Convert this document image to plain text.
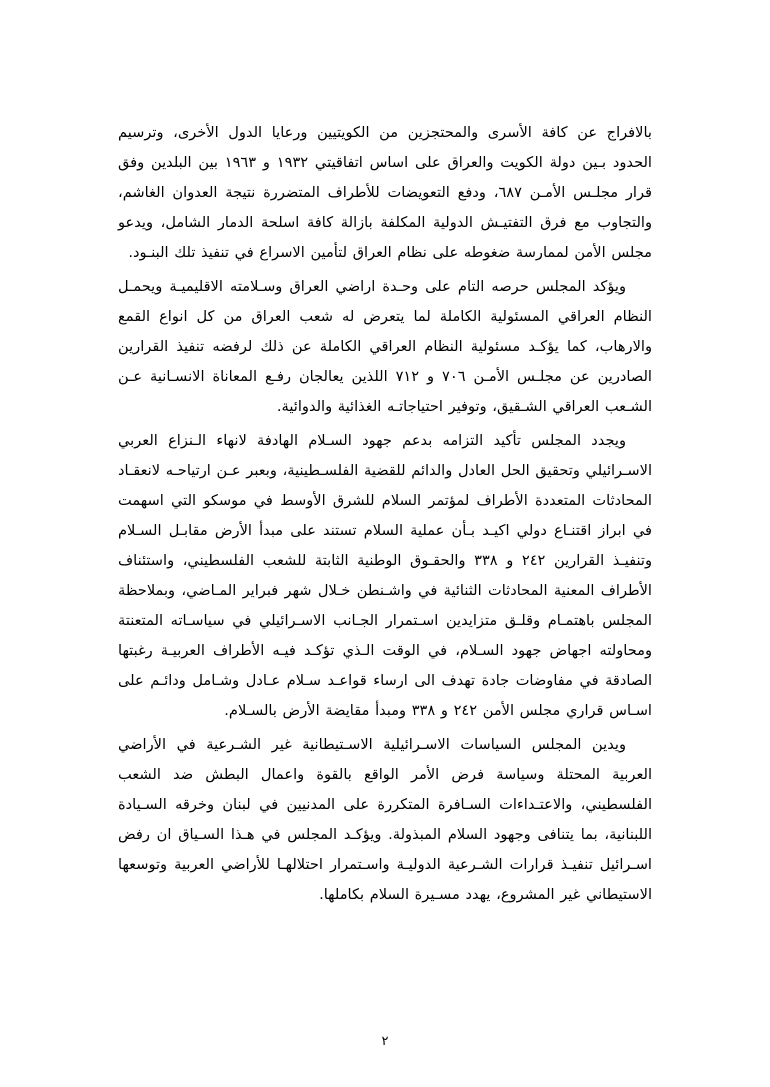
بالافراج عن كافة الأسرى والمحتجزين من الكويتيين ورعايا الدول الأخرى، وترسيم الحدود بـين دولة الكويت والعراق على اساس اتفاقيتي ١٩٣٢ و ١٩٦٣ بين البلدين وفق قرار مجلـس الأمـن ٦٨٧، ودفع التعويضات للأطراف المتضررة نتيجة العدوان الغاشم، والتجاوب مع فرق التفتيـش الدولية المكلفة بازالة كافة اسلحة الدمار الشامل، ويدعو مجلس الأمن لممارسة ضغوطه على نظام العراق لتأمين الاسراع في تنفيذ تلك البنـود.

ويؤكد المجلس حرصه التام على وحـدة اراضي العراق وسـلامته الاقليميـة ويحمـل النظام العراقي المسئولية الكاملة لما يتعرض له شعب العراق من كل انواع القمع والارهاب، كما يؤكـد مسئولية النظام العراقي الكاملة عن ذلك لرفضه تنفيذ القرارين الصادرين عن مجلـس الأمـن ٧٠٦ و ٧١٢ اللذين يعالجان رفـع المعاناة الانسـانية عـن الشـعب العراقي الشـقيق، وتوفير احتياجاتـه الغذائية والدوائية.

ويجدد المجلس تأكيد التزامه بدعم جهود السـلام الهادفة لانهاء الـنزاع العربي الاسـرائيلي وتحقيق الحل العادل والدائم للقضية الفلسـطينية، وبعبر عـن ارتياحـه لانعقـاد المحادثات المتعددة الأطراف لمؤتمر السلام للشرق الأوسط في موسكو التي اسهمت في ابراز اقتنـاع دولي اكيـد بـأن عملية السلام تستند على مبدأ الأرض مقابـل السـلام وتنفيـذ القرارين ٢٤٢ و ٣٣٨ والحقـوق الوطنية الثابتة للشعب الفلسطيني، واستئناف الأطراف المعنية المحادثات الثنائية في واشـنطن خـلال شهر فبراير المـاضي، وبملاحظة المجلس باهتمـام وقلـق متزايدين اسـتمرار الجـانب الاسـرائيلي في سياسـاته المتعنتة ومحاولته اجهاض جهود السـلام، في الوقت الـذي تؤكـد فيـه الأطراف العربيـة رغبتها الصادقة في مفاوضات جادة تهدف الى ارساء قواعـد سـلام عـادل وشـامل ودائـم على اسـاس قراري مجلس الأمن ٢٤٢ و ٣٣٨ ومبدأ مقايضة الأرض بالسـلام.

ويدين المجلس السياسات الاسـرائيلية الاسـتيطانية غير الشـرعية في الأراضي العربية المحتلة وسياسة فرض الأمر الواقع بالقوة واعمال البطش ضد الشعب الفلسطيني، والاعتـداءات السـافرة المتكررة على المدنيين في لبنان وخرقه السـيادة اللبنانية، بما يتنافى وجهود السلام المبذولة. ويؤكـد المجلس في هـذا السـياق ان رفض اسـرائيل تنفيـذ قرارات الشـرعية الدوليـة واسـتمرار احتلالهـا للأراضي العربية وتوسعها الاستيطاني غير المشروع، يهدد مسـيرة السلام بكاملها.

٢
